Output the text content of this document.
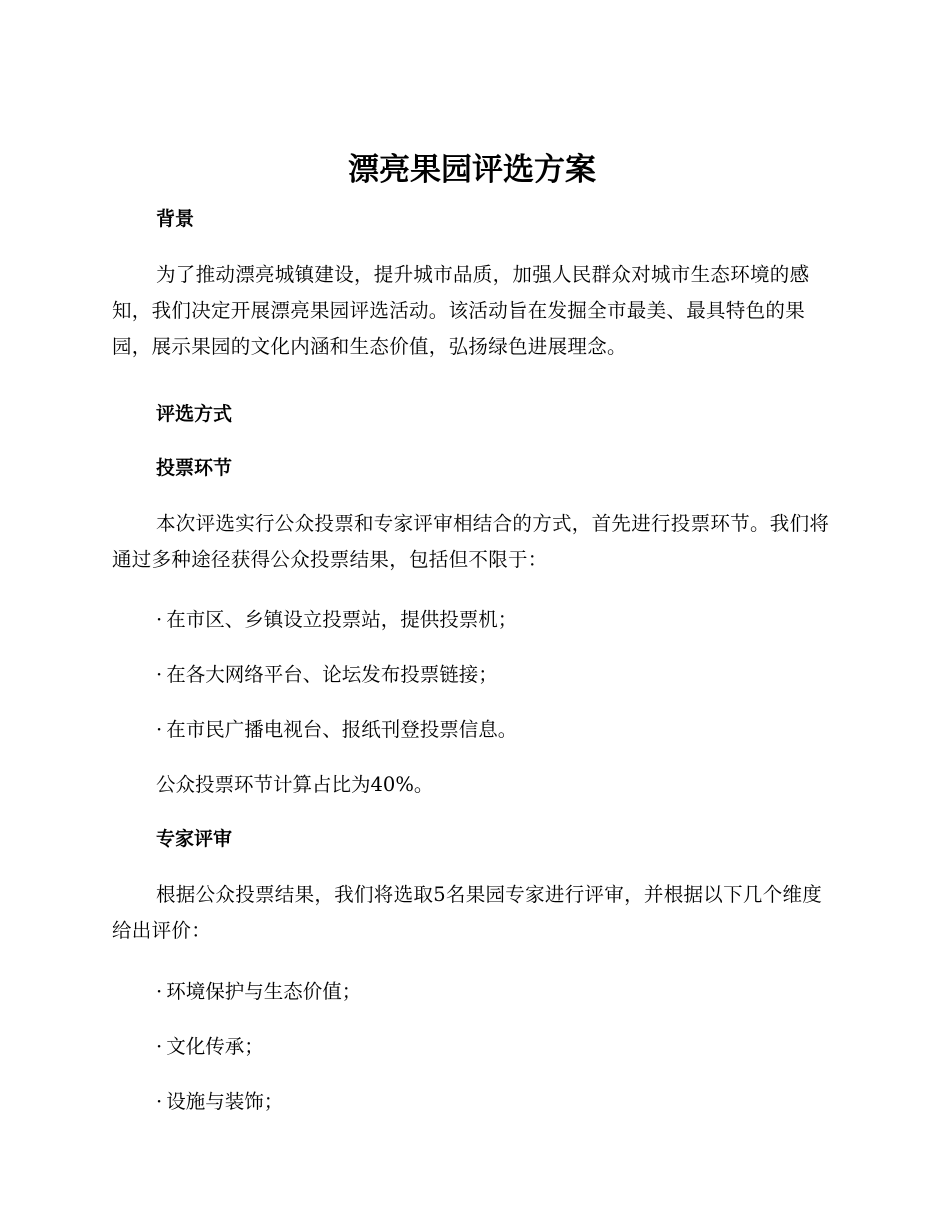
漂亮果园评选方案
背景

为了推动漂亮城镇建设，提升城市品质，加强人民群众对城市生态环境的感知，我们决定开展漂亮果园评选活动。该活动旨在发掘全市最美、最具特色的果园，展示果园的文化内涵和生态价值，弘扬绿色进展理念。

评选方式
投票环节

本次评选实行公众投票和专家评审相结合的方式，首先进行投票环节。我们将通过多种途径获得公众投票结果，包括但不限于：

· 在市区、乡镇设立投票站，提供投票机；

· 在各大网络平台、论坛发布投票链接；

· 在市民广播电视台、报纸刊登投票信息。

公众投票环节计算占比为40%。

专家评审

根据公众投票结果，我们将选取5名果园专家进行评审，并根据以下几个维度给出评价：

· 环境保护与生态价值；

· 文化传承；

· 设施与装饰；
